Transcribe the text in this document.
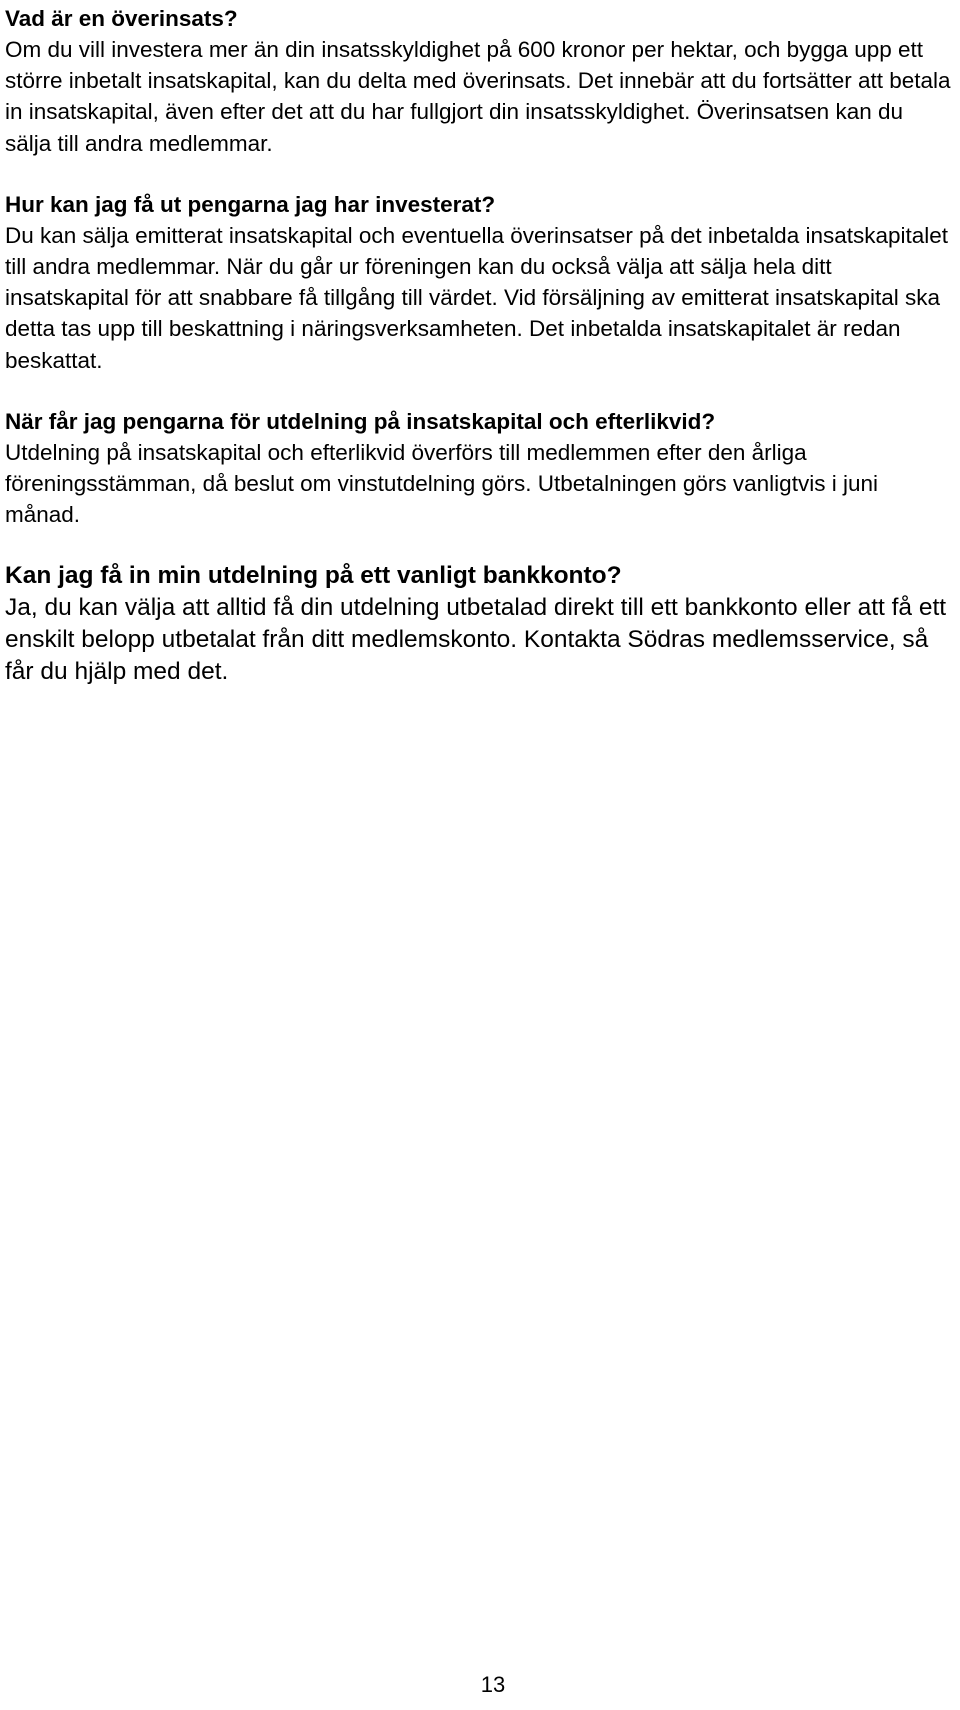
Vad är en överinsats?

Om du vill investera mer än din insatsskyldighet på 600 kronor per hektar, och bygga upp ett större inbetalt insatskapital, kan du delta med överinsats. Det innebär att du fortsätter att betala in insatskapital, även efter det att du har fullgjort din insatsskyldighet. Överinsatsen kan du sälja till andra medlemmar.

Hur kan jag få ut pengarna jag har investerat?

Du kan sälja emitterat insatskapital och eventuella överinsatser på det inbetalda insatskapitalet till andra medlemmar. När du går ur föreningen kan du också välja att sälja hela ditt insatskapital för att snabbare få tillgång till värdet. Vid försäljning av emitterat insatskapital ska detta tas upp till beskattning i näringsverksamheten. Det inbetalda insatskapitalet är redan beskattat.

När får jag pengarna för utdelning på insatskapital och efterlikvid?

Utdelning på insatskapital och efterlikvid överförs till medlemmen efter den årliga föreningsstämman, då beslut om vinstutdelning görs. Utbetalningen görs vanligtvis i juni månad.

Kan jag få in min utdelning på ett vanligt bankkonto?

Ja, du kan välja att alltid få din utdelning utbetalad direkt till ett bankkonto eller att få ett enskilt belopp utbetalat från ditt medlemskonto. Kontakta Södras medlemsservice, så får du hjälp med det.

13
